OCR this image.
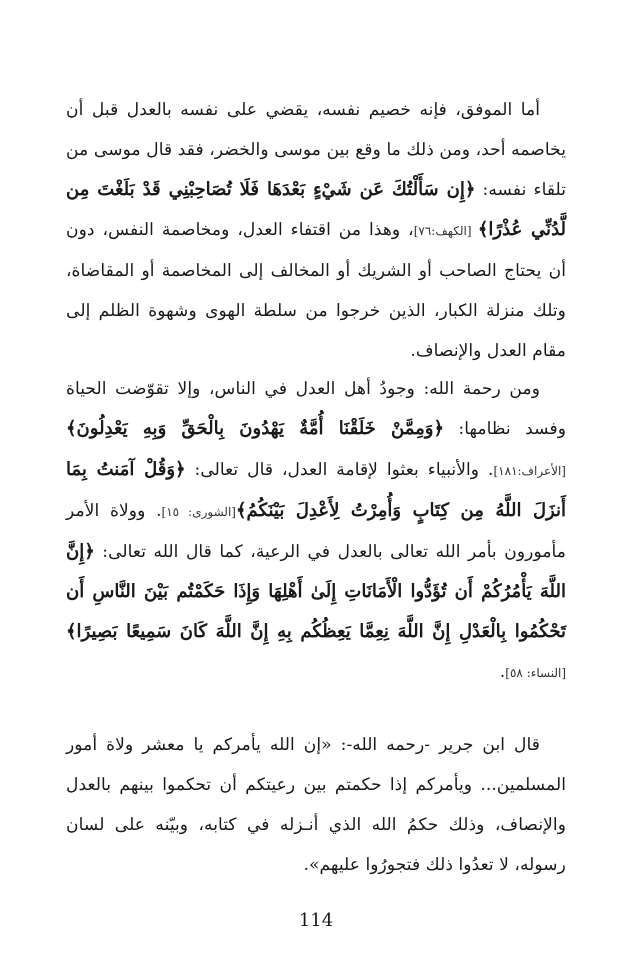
أما الموفق، فإنه خصيم نفسه، يقضي على نفسه بالعدل قبل أن يخاصمه أحد، ومن ذلك ما وقع بين موسى والخضر، فقد قال موسى من تلقاء نفسه: ﴿إِن سَأَلْتُكَ عَن شَيْءٍ بَعْدَهَا فَلَا تُصَاحِبْنِي قَدْ بَلَغْتَ مِن لَّدُنِّي عُذْرًا﴾ [الكهف:٧٦]، وهذا من اقتفاء العدل، ومخاصمة النفس، دون أن يحتاج الصاحب أو الشريك أو المخالف إلى المخاصمة أو المقاضاة، وتلك منزلة الكبار، الذين خرجوا من سلطة الهوى وشهوة الظلم إلى مقام العدل والإنصاف.

ومن رحمة الله: وجودُ أهل العدل في الناس، وإلا تقوّضت الحياة وفسد نظامها: ﴿وَمِمَّنْ خَلَقْنَا أُمَّةٌ يَهْدُونَ بِالْحَقِّ وَبِهِ يَعْدِلُونَ﴾ [الأعراف:١٨١]. والأنبياء بعثوا لإقامة العدل، قال تعالى: ﴿وَقُلْ آمَنتُ بِمَا أَنزَلَ اللَّهُ مِن كِتَابٍ وَأُمِرْتُ لِأَعْدِلَ بَيْنَكُمُ﴾[الشورى: ١٥]. وولاة الأمر مأمورون بأمر الله تعالى بالعدل في الرعية، كما قال الله تعالى: ﴿إِنَّ اللَّهَ يَأْمُرُكُمْ أَن تُؤَدُّوا الْأَمَانَاتِ إِلَىٰ أَهْلِهَا وَإِذَا حَكَمْتُم بَيْنَ النَّاسِ أَن تَحْكُمُوا بِالْعَدْلِ إِنَّ اللَّهَ نِعِمَّا يَعِظُكُم بِهِ إِنَّ اللَّهَ كَانَ سَمِيعًا بَصِيرًا﴾[النساء: ٥٨].

قال ابن جرير -رحمه الله-: «إن الله يأمركم يا معشر ولاة أمور المسلمين... ويأمركم إذا حكمتم بين رعيتكم أن تحكموا بينهم بالعدل والإنصاف، وذلك حكمُ الله الذي أنـزله في كتابه، وبيّنه على لسان رسوله، لا تعدُوا ذلك فتجورُوا عليهم».

114
